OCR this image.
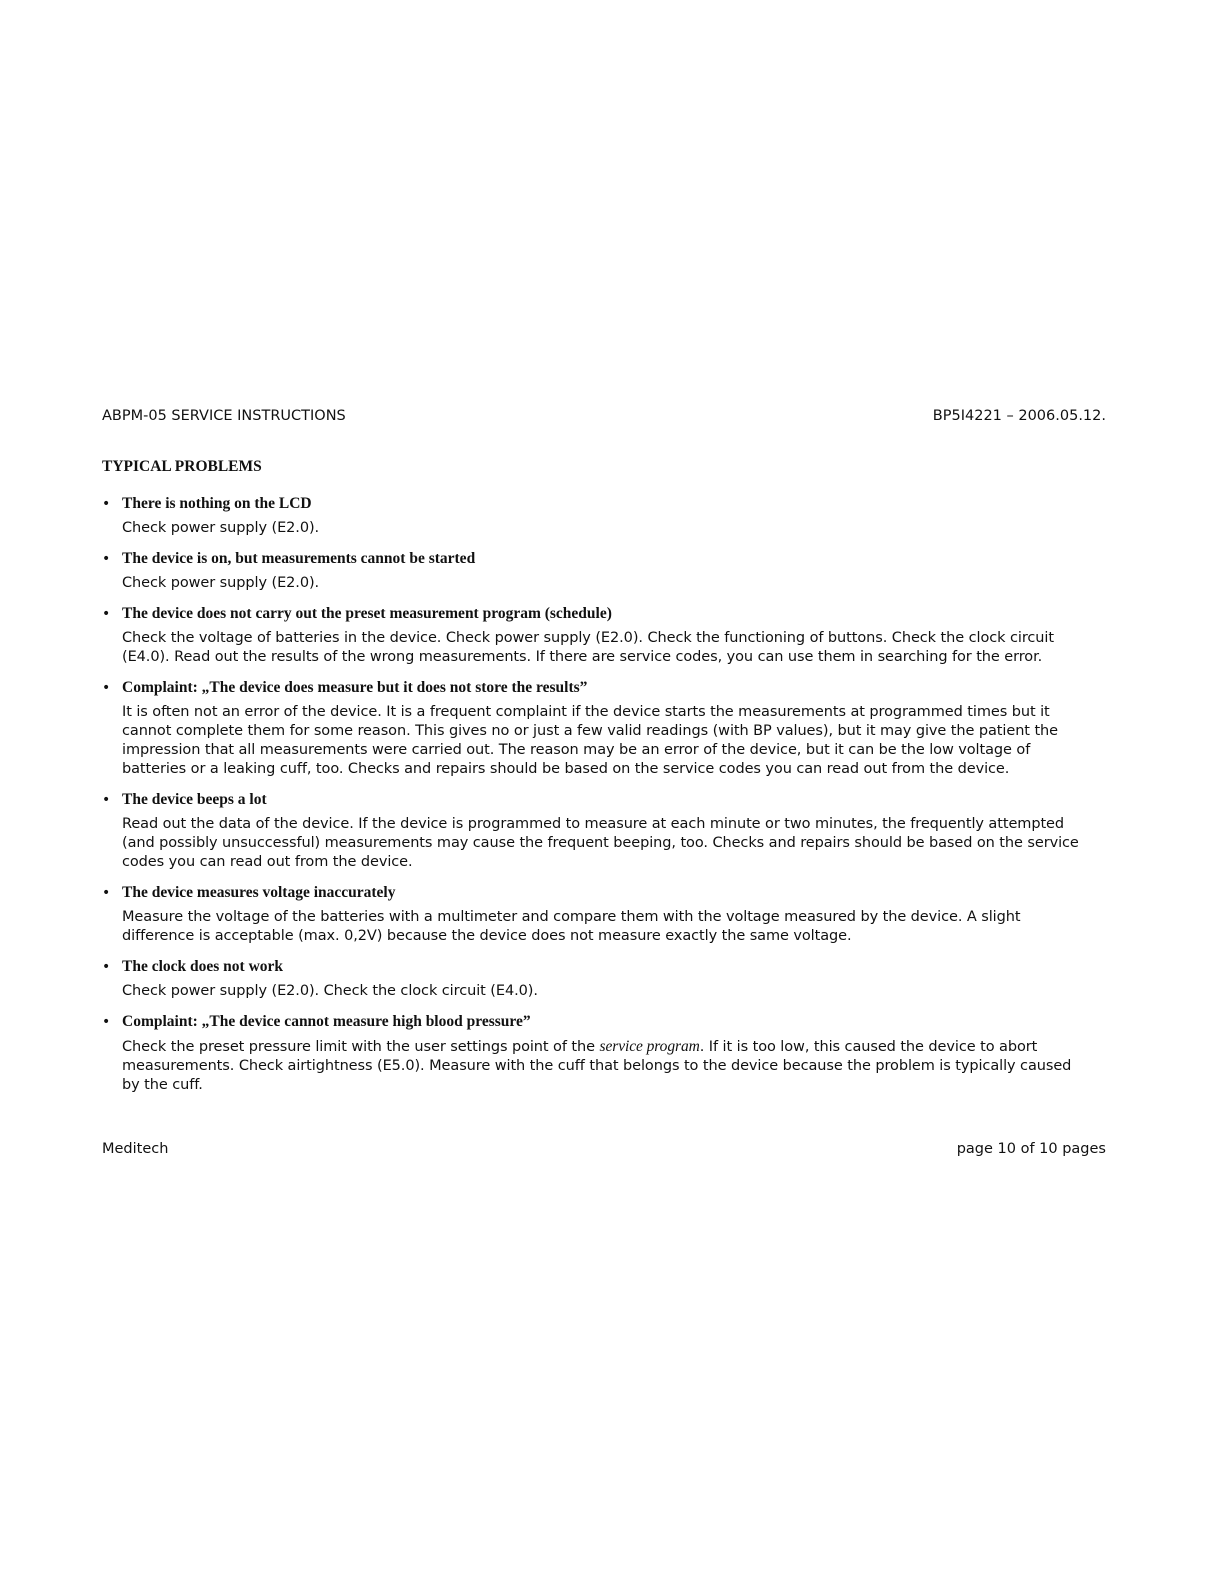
ABPM-05 SERVICE INSTRUCTIONS	BP5I4221 – 2006.05.12.
TYPICAL PROBLEMS
• There is nothing on the LCD
Check power supply (E2.0).
• The device is on, but measurements cannot be started
Check power supply (E2.0).
• The device does not carry out the preset measurement program (schedule)
Check the voltage of batteries in the device. Check power supply (E2.0). Check the functioning of buttons. Check the clock circuit (E4.0). Read out the results of the wrong measurements. If there are service codes, you can use them in searching for the error.
• Complaint: „The device does measure but it does not store the results”
It is often not an error of the device. It is a frequent complaint if the device starts the measurements at programmed times but it cannot complete them for some reason. This gives no or just a few valid readings (with BP values), but it may give the patient the impression that all measurements were carried out. The reason may be an error of the device, but it can be the low voltage of batteries or a leaking cuff, too. Checks and repairs should be based on the service codes you can read out from the device.
• The device beeps a lot
Read out the data of the device. If the device is programmed to measure at each minute or two minutes, the frequently attempted (and possibly unsuccessful) measurements may cause the frequent beeping, too. Checks and repairs should be based on the service codes you can read out from the device.
• The device measures voltage inaccurately
Measure the voltage of the batteries with a multimeter and compare them with the voltage measured by the device. A slight difference is acceptable (max. 0,2V) because the device does not measure exactly the same voltage.
• The clock does not work
Check power supply (E2.0). Check the clock circuit (E4.0).
• Complaint: „The device cannot measure high blood pressure”
Check the preset pressure limit with the user settings point of the service program. If it is too low, this caused the device to abort measurements. Check airtightness (E5.0). Measure with the cuff that belongs to the device because the problem is typically caused by the cuff.
Meditech	page 10 of 10 pages
